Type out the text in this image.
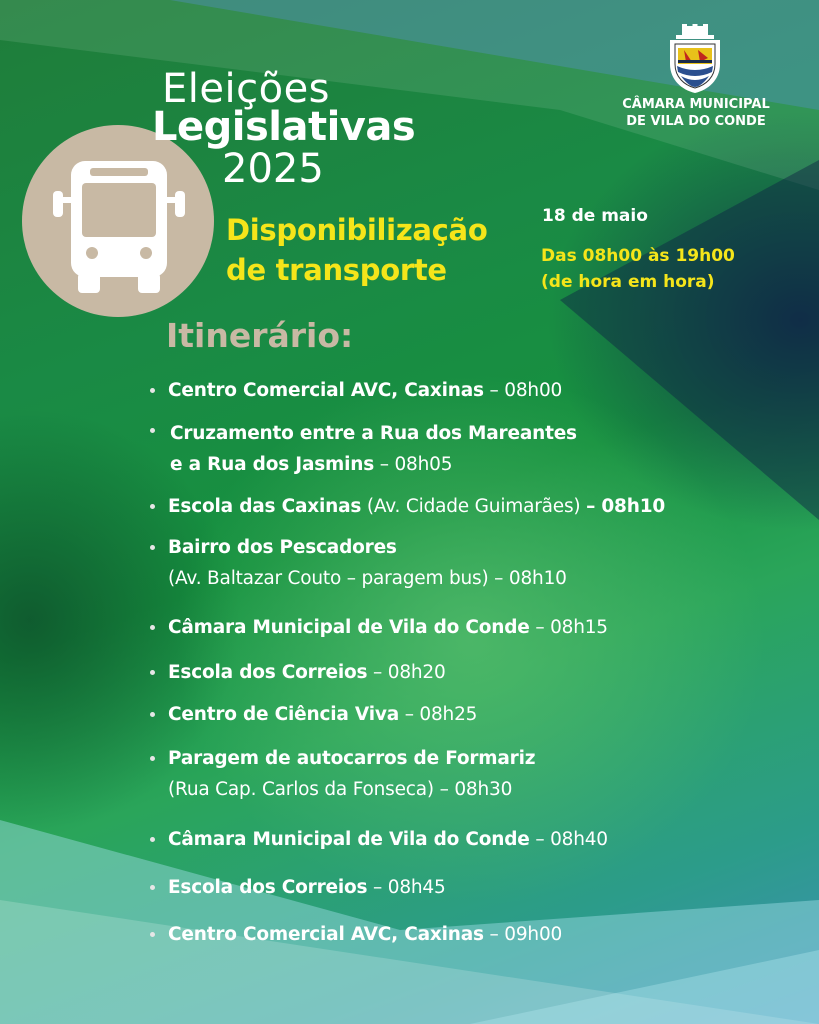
Eleições
Legislativas
2025
Disponibilização
de transporte
18 de maio
Das 08h00 às 19h00
(de hora em hora)
CÂMARA MUNICIPAL
DE VILA DO CONDE
Itinerário:
Centro Comercial AVC, Caxinas – 08h00
Cruzamento entre a Rua dos Mareantes
e a Rua dos Jasmins – 08h05
Escola das Caxinas (Av. Cidade Guimarães) – 08h10
Bairro dos Pescadores
(Av. Baltazar Couto – paragem bus) – 08h10
Câmara Municipal de Vila do Conde – 08h15
Escola dos Correios – 08h20
Centro de Ciência Viva – 08h25
Paragem de autocarros de Formariz
(Rua Cap. Carlos da Fonseca) – 08h30
Câmara Municipal de Vila do Conde – 08h40
Escola dos Correios – 08h45
Centro Comercial AVC, Caxinas – 09h00
